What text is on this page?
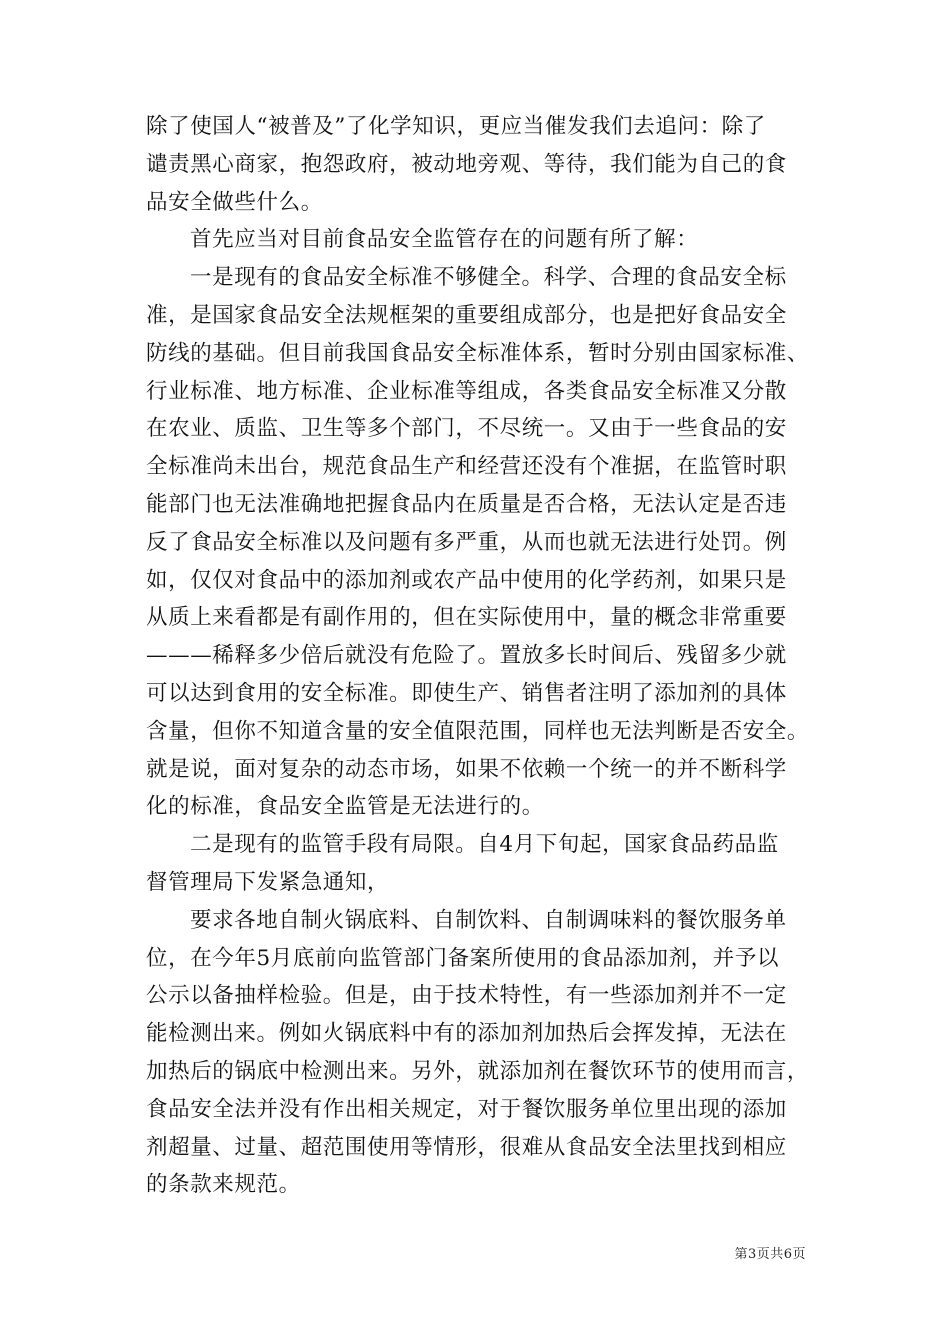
除了使国人“被普及”了化学知识，更应当催发我们去追问：除了
谴责黑心商家，抱怨政府，被动地旁观、等待，我们能为自己的食
品安全做些什么。
首先应当对目前食品安全监管存在的问题有所了解：
一是现有的食品安全标准不够健全。科学、合理的食品安全标
准，是国家食品安全法规框架的重要组成部分，也是把好食品安全
防线的基础。但目前我国食品安全标准体系，暂时分别由国家标准、
行业标准、地方标准、企业标准等组成，各类食品安全标准又分散
在农业、质监、卫生等多个部门，不尽统一。又由于一些食品的安
全标准尚未出台，规范食品生产和经营还没有个准据，在监管时职
能部门也无法准确地把握食品内在质量是否合格，无法认定是否违
反了食品安全标准以及问题有多严重，从而也就无法进行处罚。例
如，仅仅对食品中的添加剂或农产品中使用的化学药剂，如果只是
从质上来看都是有副作用的，但在实际使用中，量的概念非常重要
———稀释多少倍后就没有危险了。置放多长时间后、残留多少就
可以达到食用的安全标准。即使生产、销售者注明了添加剂的具体
含量，但你不知道含量的安全值限范围，同样也无法判断是否安全。
就是说，面对复杂的动态市场，如果不依赖一个统一的并不断科学
化的标准，食品安全监管是无法进行的。
二是现有的监管手段有局限。自4月下旬起，国家食品药品监
督管理局下发紧急通知，
要求各地自制火锅底料、自制饮料、自制调味料的餐饮服务单
位，在今年5月底前向监管部门备案所使用的食品添加剂，并予以
公示以备抽样检验。但是，由于技术特性，有一些添加剂并不一定
能检测出来。例如火锅底料中有的添加剂加热后会挥发掉，无法在
加热后的锅底中检测出来。另外，就添加剂在餐饮环节的使用而言，
食品安全法并没有作出相关规定，对于餐饮服务单位里出现的添加
剂超量、过量、超范围使用等情形，很难从食品安全法里找到相应
的条款来规范。
第3页共6页
